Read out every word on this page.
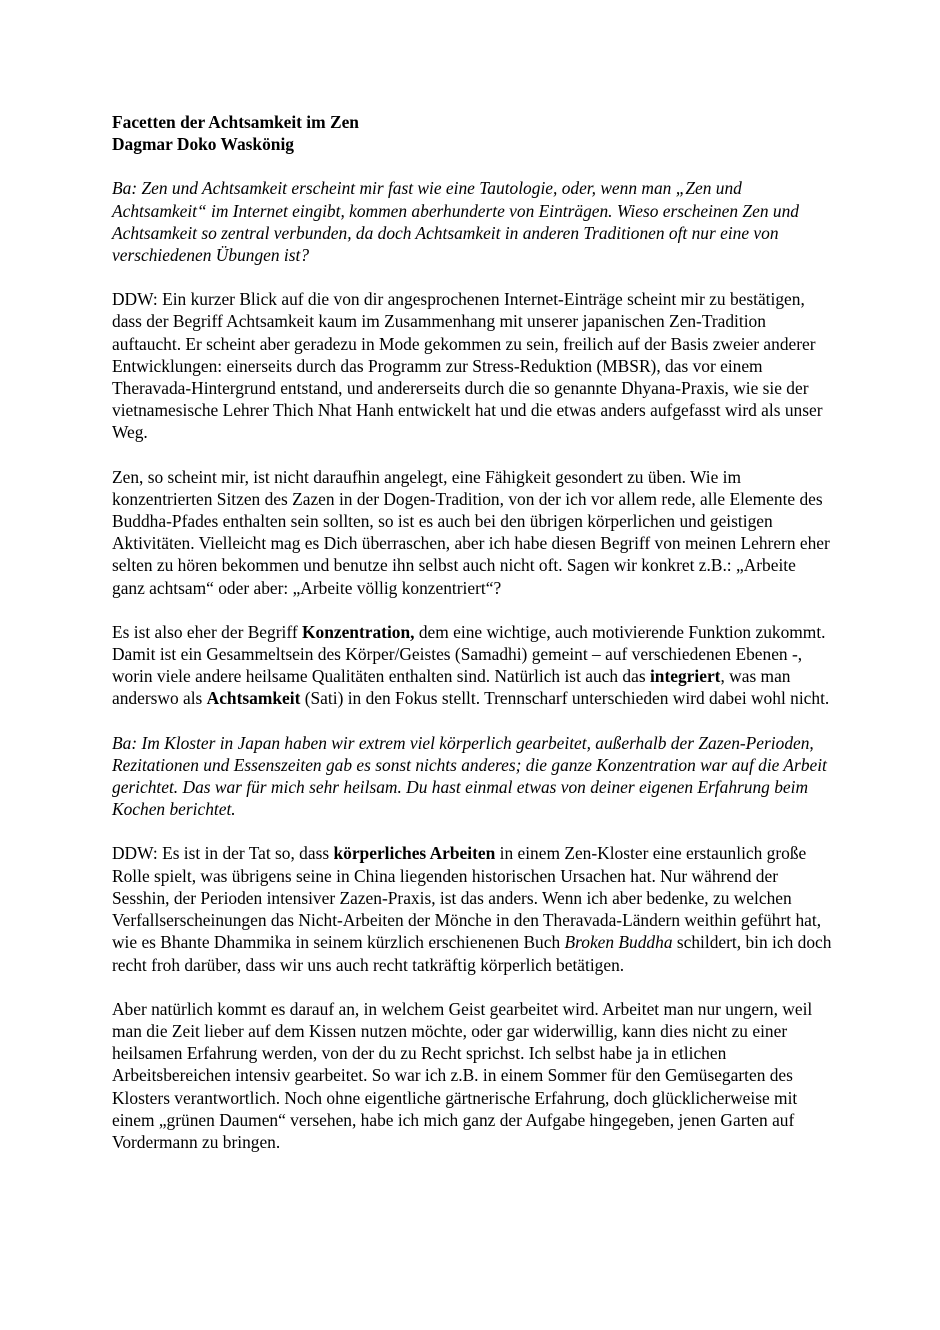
Facetten der Achtsamkeit im Zen
Dagmar Doko Waskönig

Ba: Zen und Achtsamkeit erscheint mir fast wie eine Tautologie, oder, wenn man „Zen und Achtsamkeit“ im Internet eingibt, kommen aberhunderte von Einträgen. Wieso erscheinen Zen und Achtsamkeit so zentral verbunden, da doch Achtsamkeit in anderen Traditionen oft nur eine von verschiedenen Übungen ist?

DDW: Ein kurzer Blick auf die von dir angesprochenen Internet-Einträge scheint mir zu bestätigen, dass der Begriff Achtsamkeit kaum im Zusammenhang mit unserer japanischen Zen-Tradition auftaucht. Er scheint aber geradezu in Mode gekommen zu sein, freilich auf der Basis zweier anderer Entwicklungen: einerseits durch das Programm zur Stress-Reduktion (MBSR), das vor einem Theravada-Hintergrund entstand, und andererseits durch die so genannte Dhyana-Praxis, wie sie der vietnamesische Lehrer Thich Nhat Hanh entwickelt hat und die etwas anders aufgefasst wird als unser Weg.

Zen, so scheint mir, ist nicht daraufhin angelegt, eine Fähigkeit gesondert zu üben. Wie im konzentrierten Sitzen des Zazen in der Dogen-Tradition, von der ich vor allem rede, alle Elemente des Buddha-Pfades enthalten sein sollten, so ist es auch bei den übrigen körperlichen und geistigen Aktivitäten. Vielleicht mag es Dich überraschen, aber ich habe diesen Begriff von meinen Lehrern eher selten zu hören bekommen und benutze ihn selbst auch nicht oft. Sagen wir konkret z.B.: „Arbeite ganz achtsam“ oder aber: „Arbeite völlig konzentriert“?

Es ist also eher der Begriff Konzentration, dem eine wichtige, auch motivierende Funktion zukommt. Damit ist ein Gesammeltsein des Körper/Geistes (Samadhi) gemeint – auf verschiedenen Ebenen -, worin viele andere heilsame Qualitäten enthalten sind. Natürlich ist auch das integriert, was man anderswo als Achtsamkeit (Sati) in den Fokus stellt. Trennscharf unterschieden wird dabei wohl nicht.

Ba: Im Kloster in Japan haben wir extrem viel körperlich gearbeitet, außerhalb der Zazen-Perioden, Rezitationen und Essenszeiten gab es sonst nichts anderes; die ganze Konzentration war auf die Arbeit gerichtet. Das war für mich sehr heilsam. Du hast einmal etwas von deiner eigenen Erfahrung beim Kochen berichtet.

DDW: Es ist in der Tat so, dass körperliches Arbeiten in einem Zen-Kloster eine erstaunlich große Rolle spielt, was übrigens seine in China liegenden historischen Ursachen hat. Nur während der Sesshin, der Perioden intensiver Zazen-Praxis, ist das anders. Wenn ich aber bedenke, zu welchen Verfallserscheinungen das Nicht-Arbeiten der Mönche in den Theravada-Ländern weithin geführt hat, wie es Bhante Dhammika in seinem kürzlich erschienenen Buch Broken Buddha schildert, bin ich doch recht froh darüber, dass wir uns auch recht tatkräftig körperlich betätigen.

Aber natürlich kommt es darauf an, in welchem Geist gearbeitet wird. Arbeitet man nur ungern, weil man die Zeit lieber auf dem Kissen nutzen möchte, oder gar widerwillig, kann dies nicht zu einer heilsamen Erfahrung werden, von der du zu Recht sprichst. Ich selbst habe ja in etlichen Arbeitsbereichen intensiv gearbeitet. So war ich z.B. in einem Sommer für den Gemüsegarten des Klosters verantwortlich. Noch ohne eigentliche gärtnerische Erfahrung, doch glücklicherweise mit einem „grünen Daumen“ versehen, habe ich mich ganz der Aufgabe hingegeben, jenen Garten auf Vordermann zu bringen.
